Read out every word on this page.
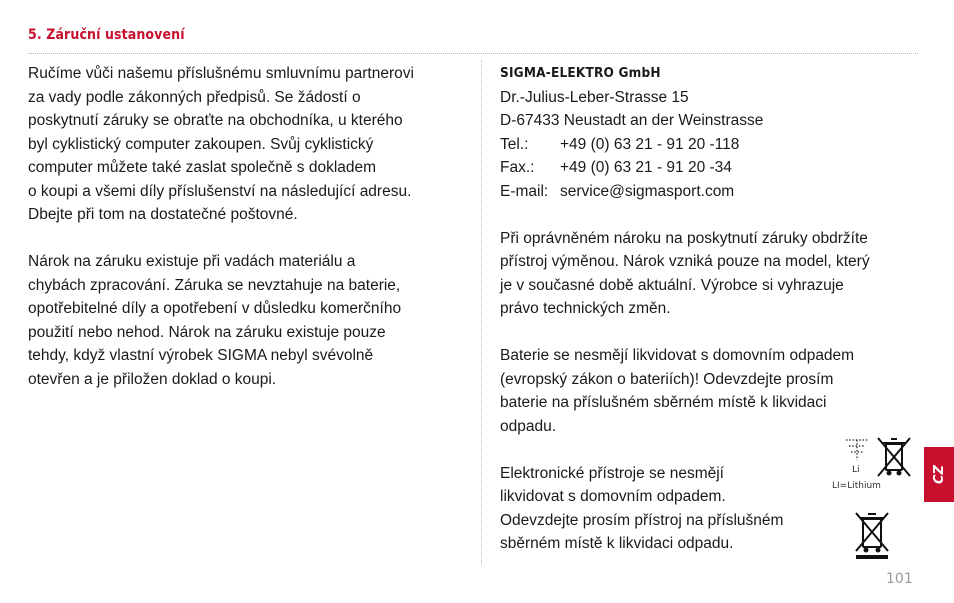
5. Záruční ustanovení
Ručíme vůči našemu příslušnému smluvnímu partnerovi
za vady podle zákonných předpisů. Se žádostí o
poskytnutí záruky se obraťte na obchodníka, u kterého
byl cyklistický computer zakoupen. Svůj cyklistický
computer můžete také zaslat společně s dokladem
o koupi a všemi díly příslušenství na následující adresu.
Dbejte při tom na dostatečné poštovné.
Nárok na záruku existuje při vadách materiálu a
chybách zpracování. Záruka se nevztahuje na baterie,
opotřebitelné díly a opotřebení v důsledku komerčního
použití nebo nehod. Nárok na záruku existuje pouze
tehdy, když vlastní výrobek SIGMA nebyl svévolně
otevřen a je přiložen doklad o koupi.
SIGMA-ELEKTRO GmbH
Dr.-Julius-Leber-Strasse 15
D-67433 Neustadt an der Weinstrasse
Tel.:	+49 (0) 63 21 - 91 20 -118
Fax.:	+49 (0) 63 21 - 91 20 -34
E-mail: service@sigmasport.com
Při oprávněném nároku na poskytnutí záruky obdržíte
přístroj výměnou. Nárok vzniká pouze na model, který
je v současné době aktuální. Výrobce si vyhrazuje
právo technických změn.
Baterie se nesmějí likvidovat s domovním odpadem
(evropský zákon o bateriích)! Odevzdejte prosím
baterie na příslušném sběrném místě k likvidaci
odpadu.
Elektronické přístroje se nesmějí
likvidovat s domovním odpadem.
Odevzdejte prosím přístroj na příslušném
sběrném místě k likvidaci odpadu.
Li
LI=Lithium
CZ
101
